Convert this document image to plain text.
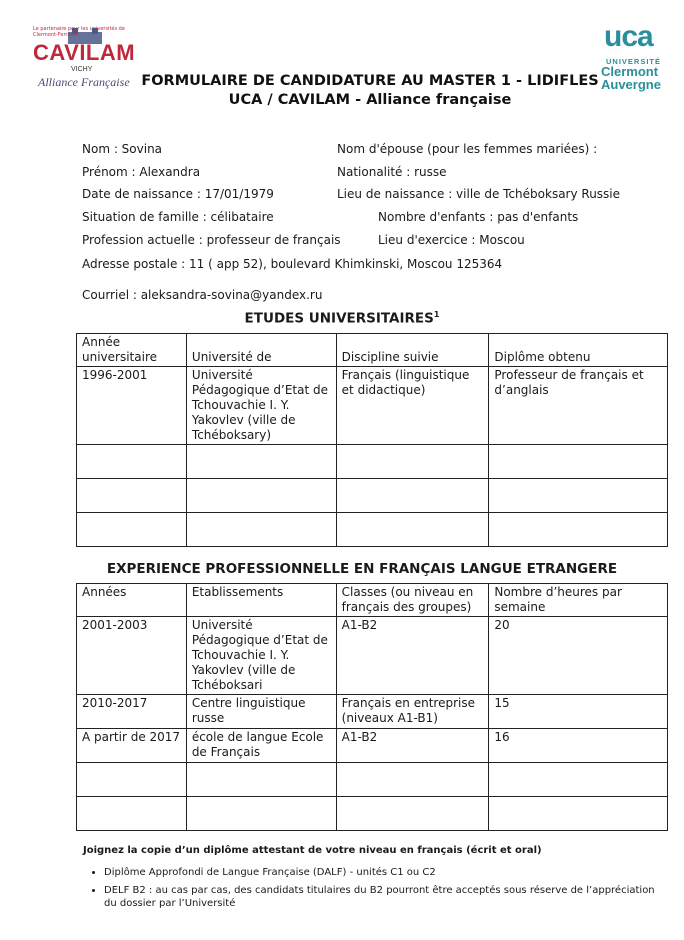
Le partenaire pour les universités de Clermont-Ferrand
CAVILAM
VICHY
Alliance Française
uca
UNIVERSITÉ
Clermont
Auvergne
FORMULAIRE DE CANDIDATURE AU MASTER 1 - LIDIFLES
UCA / CAVILAM - Alliance française
Nom : Sovina
Prénom : Alexandra
Date de naissance : 17/01/1979
Situation de famille : célibataire
Profession actuelle : professeur de français
Adresse postale : 11 ( app 52), boulevard Khimkinski, Moscou 125364
Courriel : aleksandra-sovina@yandex.ru
Nom d'épouse (pour les femmes mariées) :
Nationalité : russe
Lieu de naissance : ville de Tchéboksary Russie
Nombre d'enfants : pas d'enfants
Lieu d'exercice : Moscou
ETUDES UNIVERSITAIRES$^1$
Année universitaire	Université de	Discipline suivie	Diplôme obtenu
1996-2001	Université Pédagogique d’Etat de Tchouvachie I. Y. Yakovlev (ville de Tchéboksary)	Français (linguistique et didactique)	Professeur de français et d’anglais

EXPERIENCE PROFESSIONNELLE EN FRANÇAIS LANGUE ETRANGERE
Années	Etablissements	Classes (ou niveau en français des groupes)	Nombre d’heures par semaine
2001-2003	Université Pédagogique d’Etat de Tchouvachie I. Y. Yakovlev (ville de Tchéboksari	A1-B2	20
2010-2017	Centre linguistique russe	Français en entreprise (niveaux A1-B1)	15
A partir de 2017	école de langue Ecole de Français	A1-B2	16

Joignez la copie d’un diplôme attestant de votre niveau en français (écrit et oral)
• Diplôme Approfondi de Langue Française (DALF) - unités C1 ou C2
• DELF B2 : au cas par cas, des candidats titulaires du B2 pourront être acceptés sous réserve de l’appréciation du dossier par l’Université
